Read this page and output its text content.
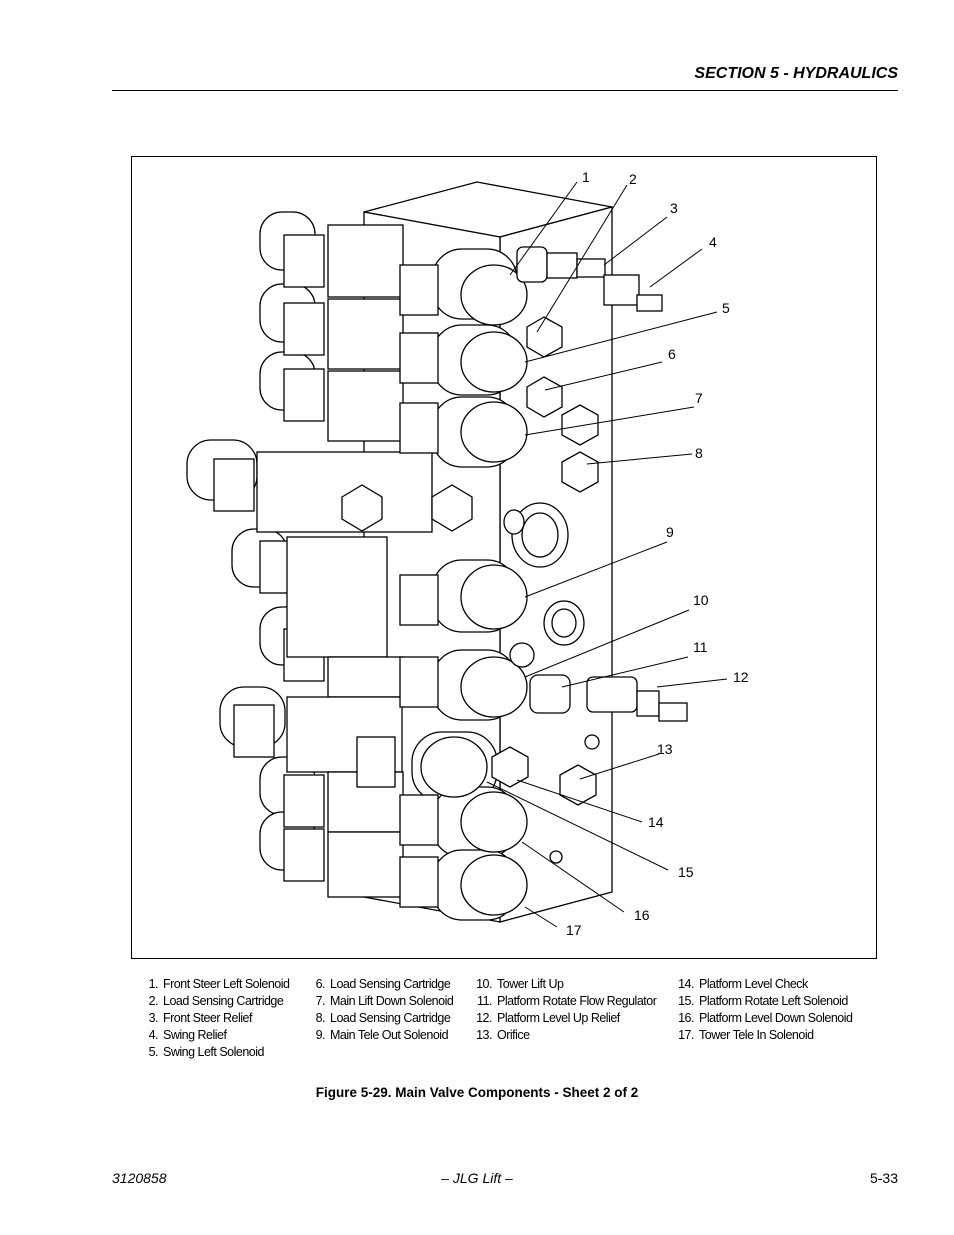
SECTION 5 - HYDRAULICS
1	2
3
4
5
6
7
8
9
10
11
12
13
14
15
16
17
1. Front Steer Left Solenoid
2. Load Sensing Cartridge
3. Front Steer Relief
4. Swing Relief
5. Swing Left Solenoid
6. Load Sensing Cartridge
7. Main Lift Down Solenoid
8. Load Sensing Cartridge
9. Main Tele Out Solenoid
10. Tower Lift Up
11. Platform Rotate Flow Regulator
12. Platform Level Up Relief
13. Orifice
14. Platform Level Check
15. Platform Rotate Left Solenoid
16. Platform Level Down Solenoid
17. Tower Tele In Solenoid
Figure 5-29. Main Valve Components - Sheet 2 of 2
3120858	– JLG Lift –	5-33
